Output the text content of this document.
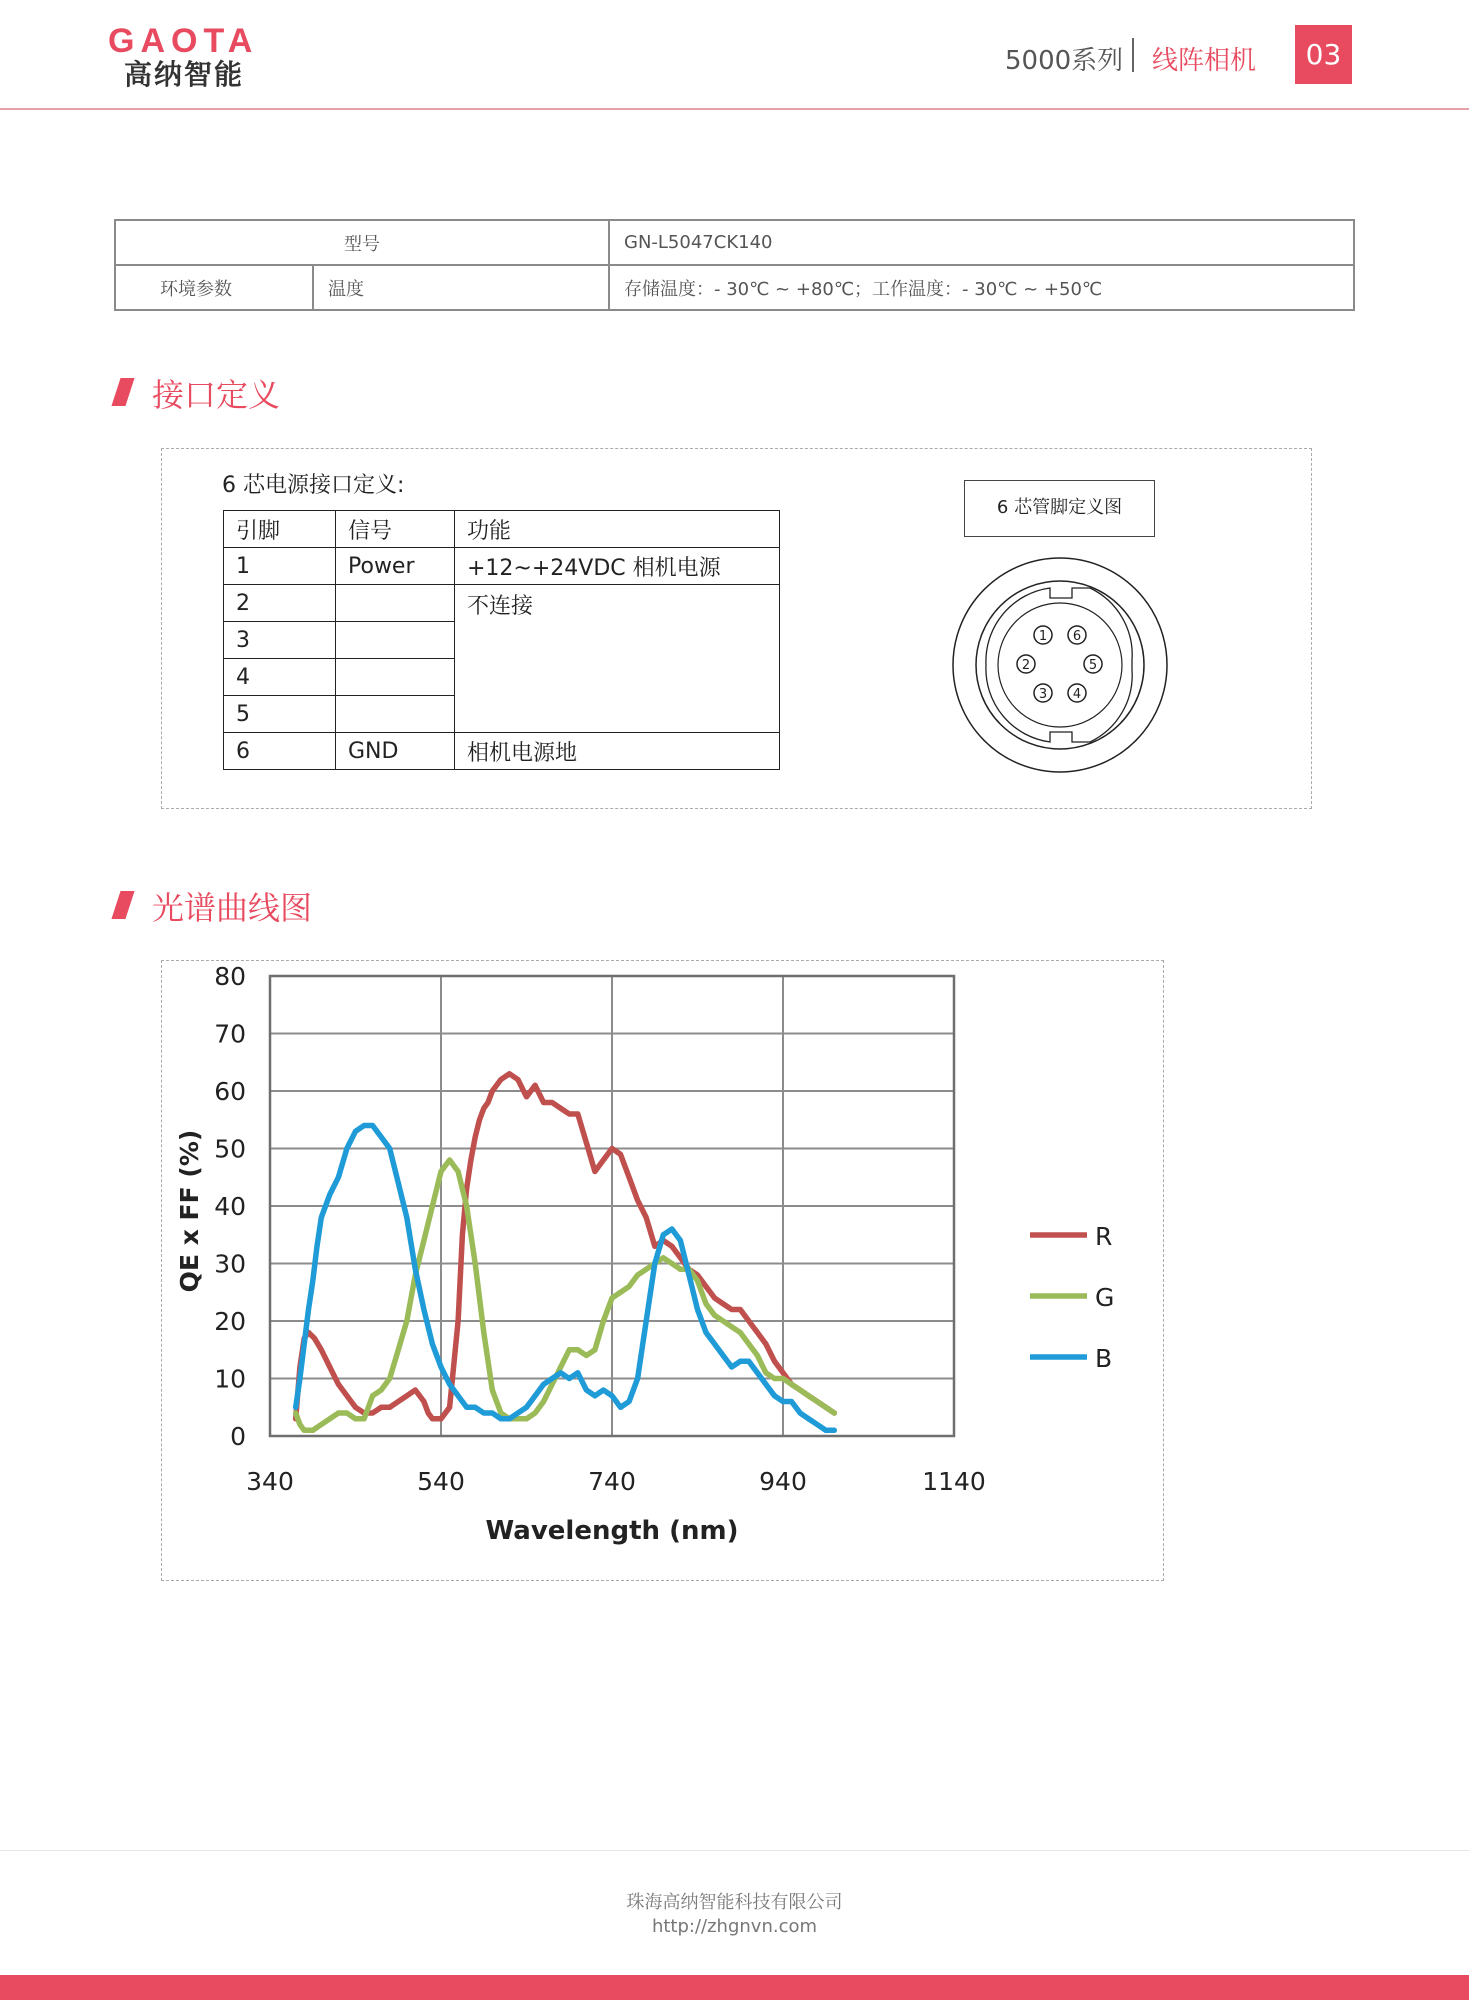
GAOTA
高纳智能	5000系列 线阵相机	03
型号		GN-L5047CK140
环境参数	温度	存储温度：- 30℃ ~ +80℃；工作温度：- 30℃ ~ +50℃
接口定义
6 芯电源接口定义:
引脚	信号	功能
1	Power	+12~+24VDC 相机电源
2		不连接
3		
4		
5		
6	GND	相机电源地
6 芯管脚定义图
1
2
3 4
5
6
光谱曲线图
0
10
20
30
40
50
60
70
80
340	540	740	940	1140
Wavelength (nm)
QE x FF (%)	R
G
B
珠海高纳智能科技有限公司
http://zhgnvn.com
